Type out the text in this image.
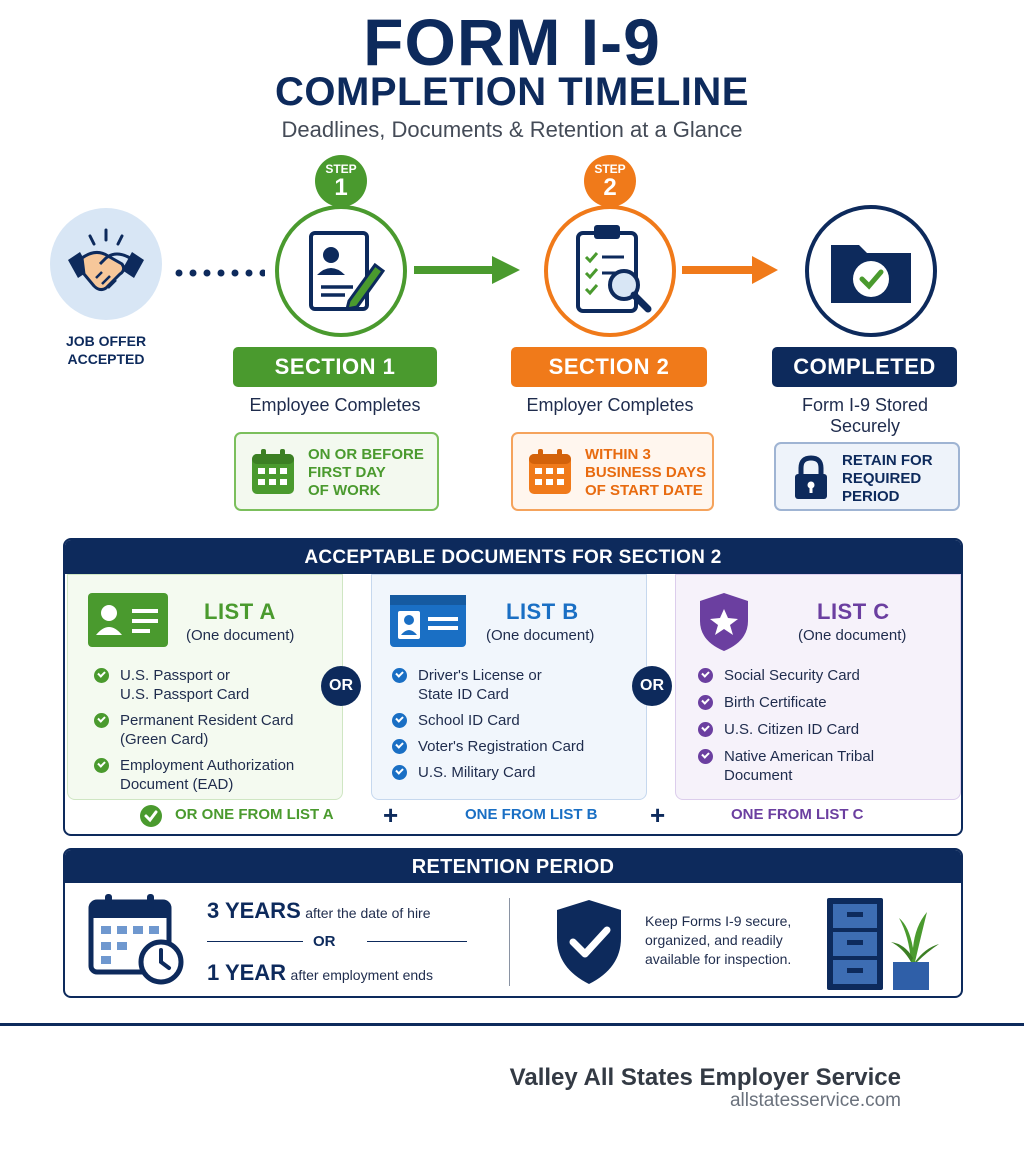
FORM I-9
COMPLETION TIMELINE
Deadlines, Documents & Retention at a Glance
JOB OFFER
ACCEPTED
STEP
1
SECTION 1
Employee Completes
ON OR BEFORE
FIRST DAY
OF WORK
STEP
2
SECTION 2
Employer Completes
WITHIN 3
BUSINESS DAYS
OF START DATE
COMPLETED
Form I-9 Stored
Securely
RETAIN FOR
REQUIRED
PERIOD
ACCEPTABLE DOCUMENTS FOR SECTION 2
LIST A
(One document)
U.S. Passport or
U.S. Passport Card
Permanent Resident Card
(Green Card)
Employment Authorization
Document (EAD)
LIST B
(One document)
Driver's License or
State ID Card
School ID Card
Voter's Registration Card
U.S. Military Card
LIST C
(One document)
Social Security Card
Birth Certificate
U.S. Citizen ID Card
Native American Tribal
Document
OR	OR
OR ONE FROM LIST A +	ONE FROM LIST B +	ONE FROM LIST C
RETENTION PERIOD
3 YEARS after the date of hire
OR
1 YEAR after employment ends
Keep Forms I-9 secure,
organized, and readily
available for inspection.
Valley All States Employer Service
allstatesservice.com
